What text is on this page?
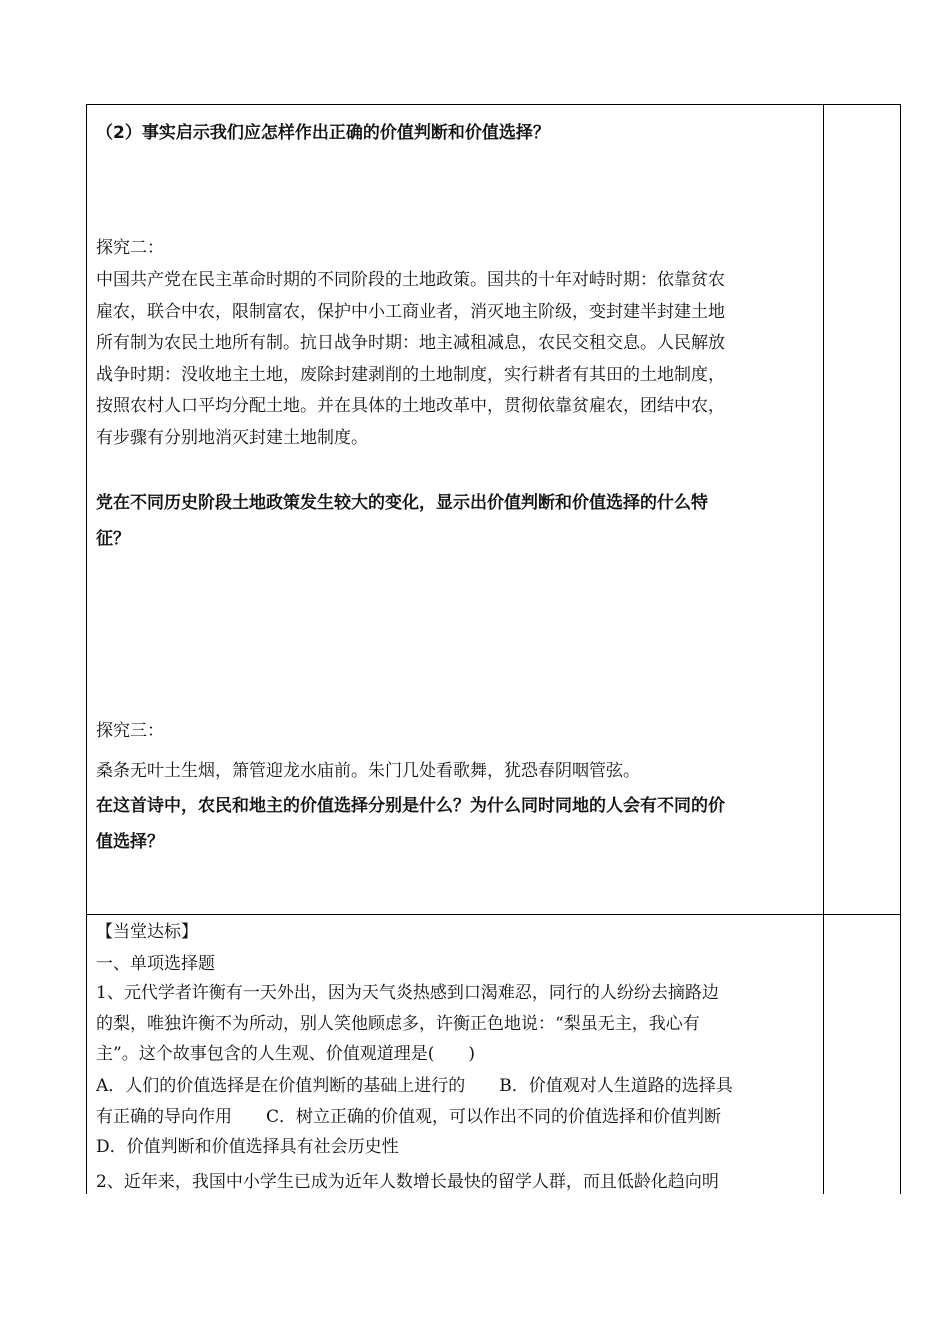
（2）事实启示我们应怎样作出正确的价值判断和价值选择？
探究二：
中国共产党在民主革命时期的不同阶段的土地政策。国共的十年对峙时期：依靠贫农
雇农，联合中农，限制富农，保护中小工商业者，消灭地主阶级，变封建半封建土地
所有制为农民土地所有制。抗日战争时期：地主减租减息，农民交租交息。人民解放
战争时期：没收地主土地，废除封建剥削的土地制度，实行耕者有其田的土地制度，
按照农村人口平均分配土地。并在具体的土地改革中，贯彻依靠贫雇农，团结中农，
有步骤有分别地消灭封建土地制度。
党在不同历史阶段土地政策发生较大的变化，显示出价值判断和价值选择的什么特
征？
探究三：
桑条无叶土生烟，箫管迎龙水庙前。朱门几处看歌舞，犹恐春阴咽管弦。
在这首诗中，农民和地主的价值选择分别是什么？为什么同时同地的人会有不同的价
值选择？
【当堂达标】
一、单项选择题
1、元代学者许衡有一天外出，因为天气炎热感到口渴难忍，同行的人纷纷去摘路边
的梨，唯独许衡不为所动，别人笑他顾虑多，许衡正色地说：“梨虽无主，我心有
主”。这个故事包含的人生观、价值观道理是(　　)
A．人们的价值选择是在价值判断的基础上进行的　　B．价值观对人生道路的选择具
有正确的导向作用　　C．树立正确的价值观，可以作出不同的价值选择和价值判断
D．价值判断和价值选择具有社会历史性
2、近年来，我国中小学生已成为近年人数增长最快的留学人群，而且低龄化趋向明
